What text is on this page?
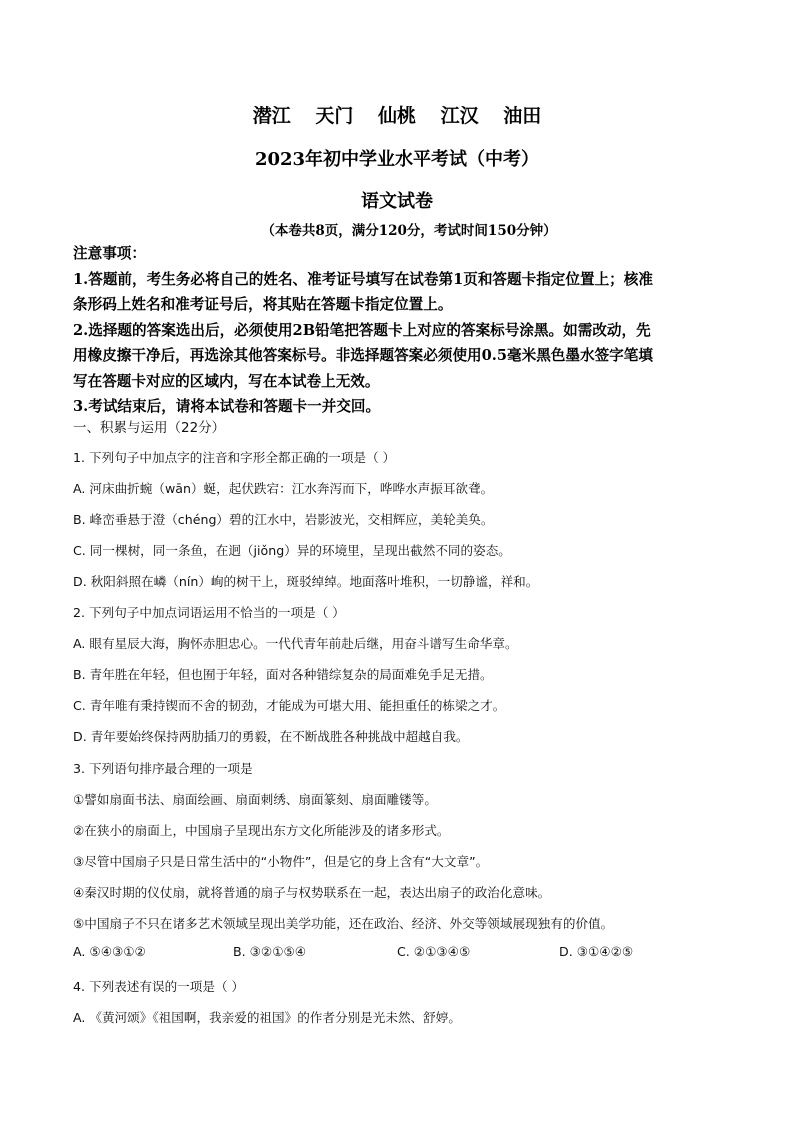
潜江 天门 仙桃 江汉 油田
2023年初中学业水平考试（中考）
语文试卷
（本卷共8页，满分120分，考试时间150分钟）
注意事项：
1.答题前，考生务必将自己的姓名、准考证号填写在试卷第1页和答题卡指定位置上；核准
条形码上姓名和准考证号后，将其贴在答题卡指定位置上。
2.选择题的答案选出后，必须使用2B铅笔把答题卡上对应的答案标号涂黑。如需改动，先
用橡皮擦干净后，再选涂其他答案标号。非选择题答案必须使用0.5毫米黑色墨水签字笔填
写在答题卡对应的区域内，写在本试卷上无效。
3.考试结束后，请将本试卷和答题卡一并交回。
一、积累与运用（22分）
1. 下列句子中加点字的注音和字形全都正确的一项是（ ）
A. 河床曲折蜿（wān）蜒，起伏跌宕：江水奔泻而下，哗哗水声振耳欲聋。
B. 峰峦垂悬于澄（chéng）碧的江水中，岩影波光，交相辉应，美轮美奂。
C. 同一棵树，同一条鱼，在迥（jiǒng）异的环境里，呈现出截然不同的姿态。
D. 秋阳斜照在嶙（nín）峋的树干上，斑驳绰绰。地面落叶堆积，一切静谧，祥和。
2. 下列句子中加点词语运用不恰当的一项是（ ）
A. 眼有星辰大海，胸怀赤胆忠心。一代代青年前赴后继，用奋斗谱写生命华章。
B. 青年胜在年轻，但也囿于年轻，面对各种错综复杂的局面难免手足无措。
C. 青年唯有秉持锲而不舍的韧劲，才能成为可堪大用、能担重任的栋梁之才。
D. 青年要始终保持两肋插刀的勇毅，在不断战胜各种挑战中超越自我。
3. 下列语句排序最合理的一项是
①譬如扇面书法、扇面绘画、扇面刺绣、扇面篆刻、扇面雕镂等。
②在狭小的扇面上，中国扇子呈现出东方文化所能涉及的诸多形式。
③尽管中国扇子只是日常生活中的“小物件”，但是它的身上含有“大文章”。
④秦汉时期的仪仗扇，就将普通的扇子与权势联系在一起，表达出扇子的政治化意味。
⑤中国扇子不只在诸多艺术领域呈现出美学功能，还在政治、经济、外交等领域展现独有的价值。
A. ⑤④③①②	B. ③②①⑤④	C. ②①③④⑤	D. ③①④②⑤
4. 下列表述有误的一项是（ ）
A. 《黄河颂》《祖国啊，我亲爱的祖国》的作者分别是光未然、舒婷。
